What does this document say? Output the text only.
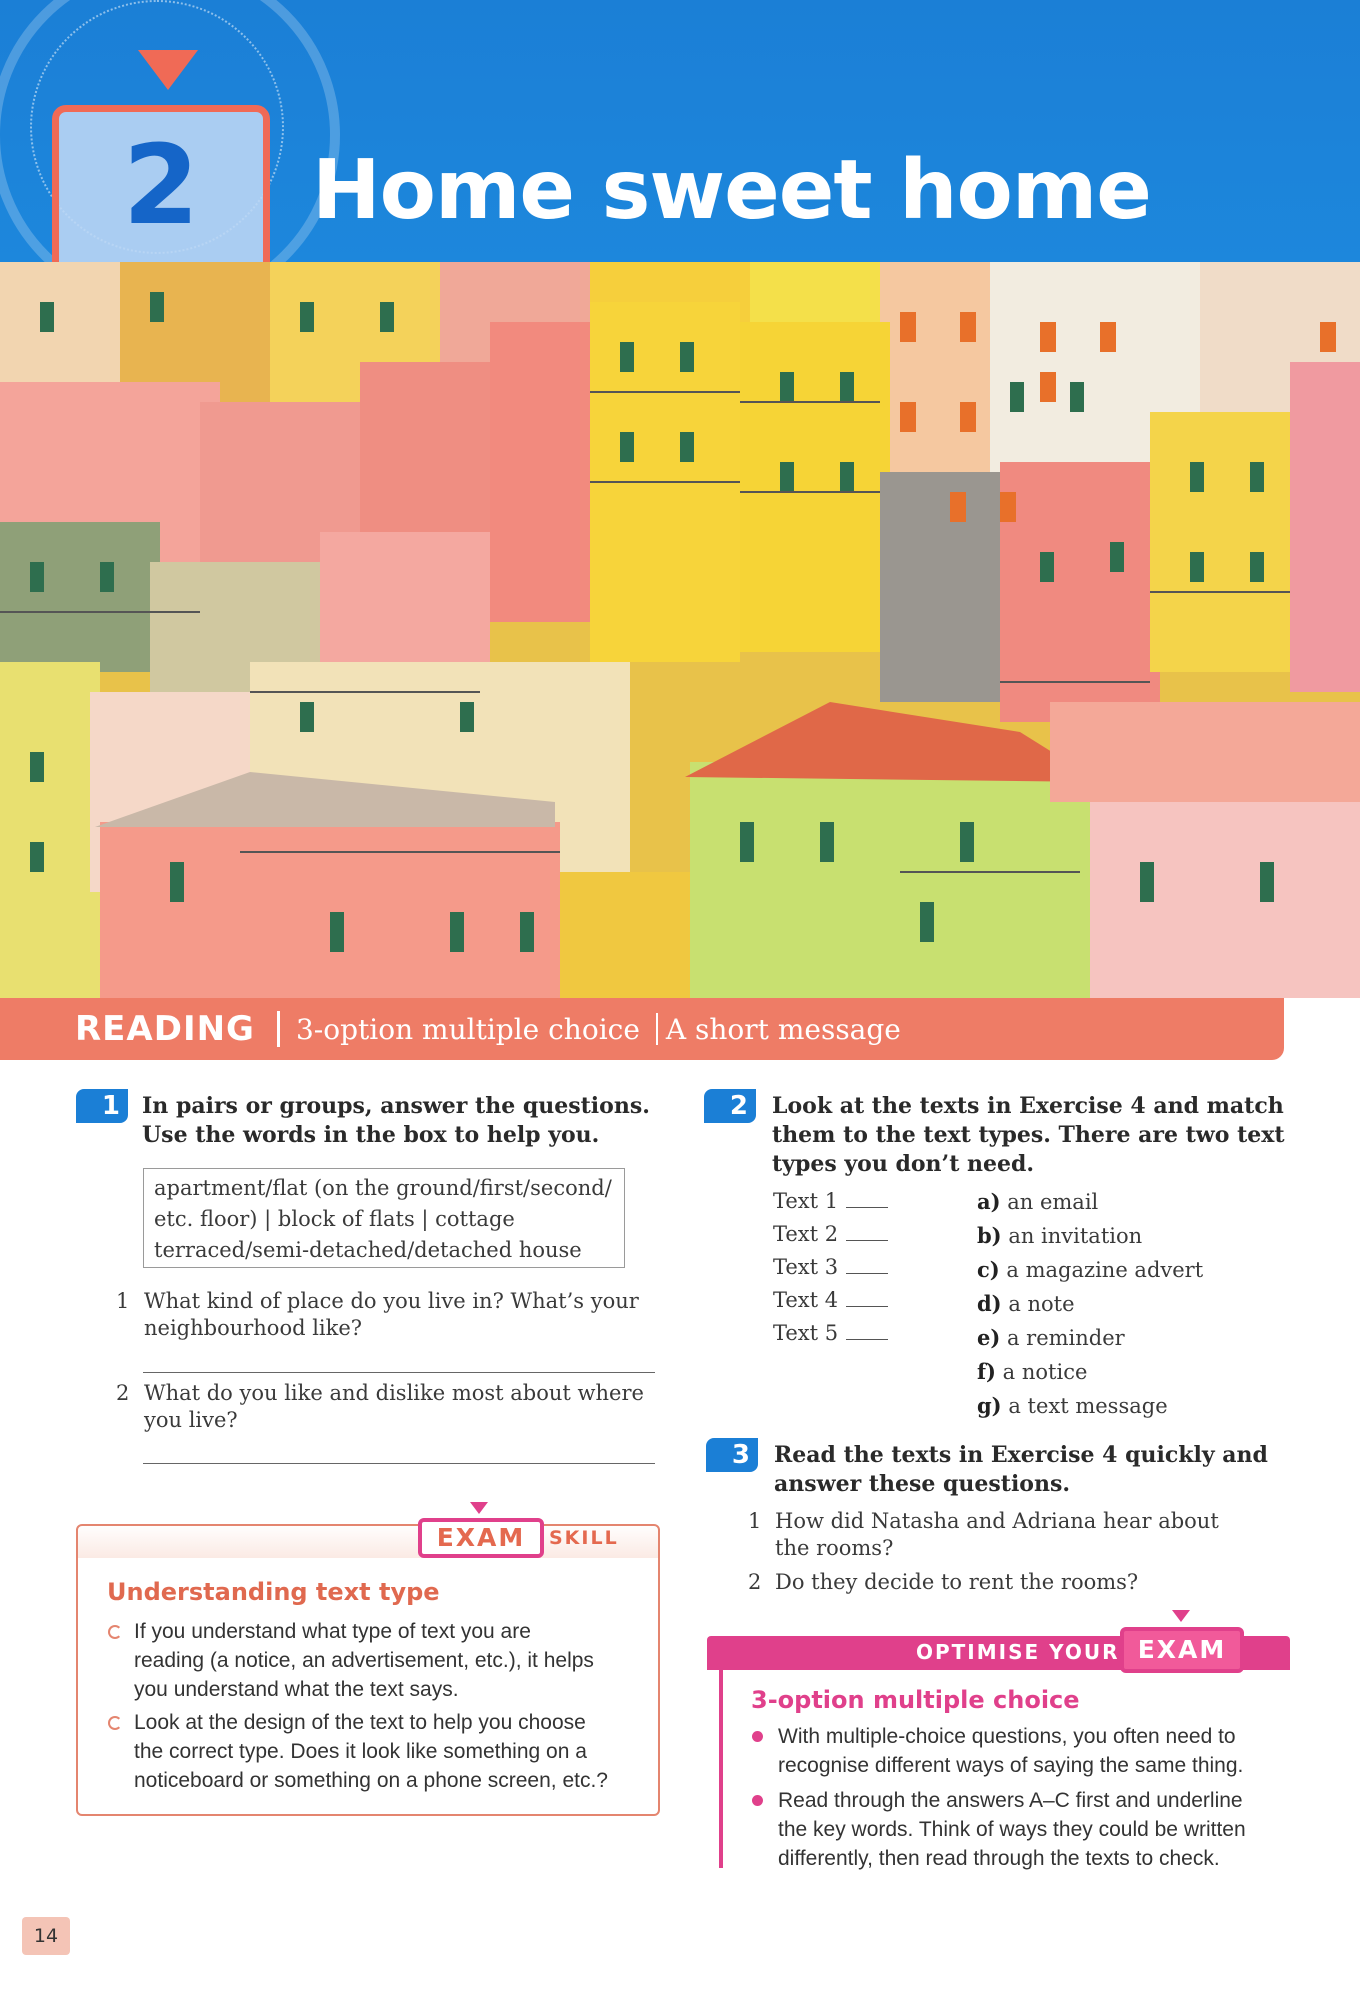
2	Home sweet home
READING 3-option multiple choice A short message
1	In pairs or groups, answer the questions.
Use the words in the box to help you.
apartment/flat (on the ground/first/second/
etc. floor) | block of flats | cottage
terraced/semi-detached/detached house
1 What kind of place do you live in? What’s your
neighbourhood like?
2 What do you like and dislike most about where
you live?
2	Look at the texts in Exercise 4 and match
them to the text types. There are two text
types you don’t need.
Text 1
Text 2
Text 3
Text 4
Text 5
a) an email
b) an invitation
c) a magazine advert
d) a note
e) a reminder
f) a notice
g) a text message
3	Read the texts in Exercise 4 quickly and
answer these questions.
1 How did Natasha and Adriana hear about
the rooms?
2 Do they decide to rent the rooms?
EXAM	SKILL
Understanding text type
If you understand what type of text you are
reading (a notice, an advertisement, etc.), it helps
you understand what the text says.
Look at the design of the text to help you choose
the correct type. Does it look like something on a
noticeboard or something on a phone screen, etc.?
OPTIMISE YOUR EXAM
3-option multiple choice
With multiple-choice questions, you often need to
recognise different ways of saying the same thing.
Read through the answers A–C first and underline
the key words. Think of ways they could be written
differently, then read through the texts to check.
14
